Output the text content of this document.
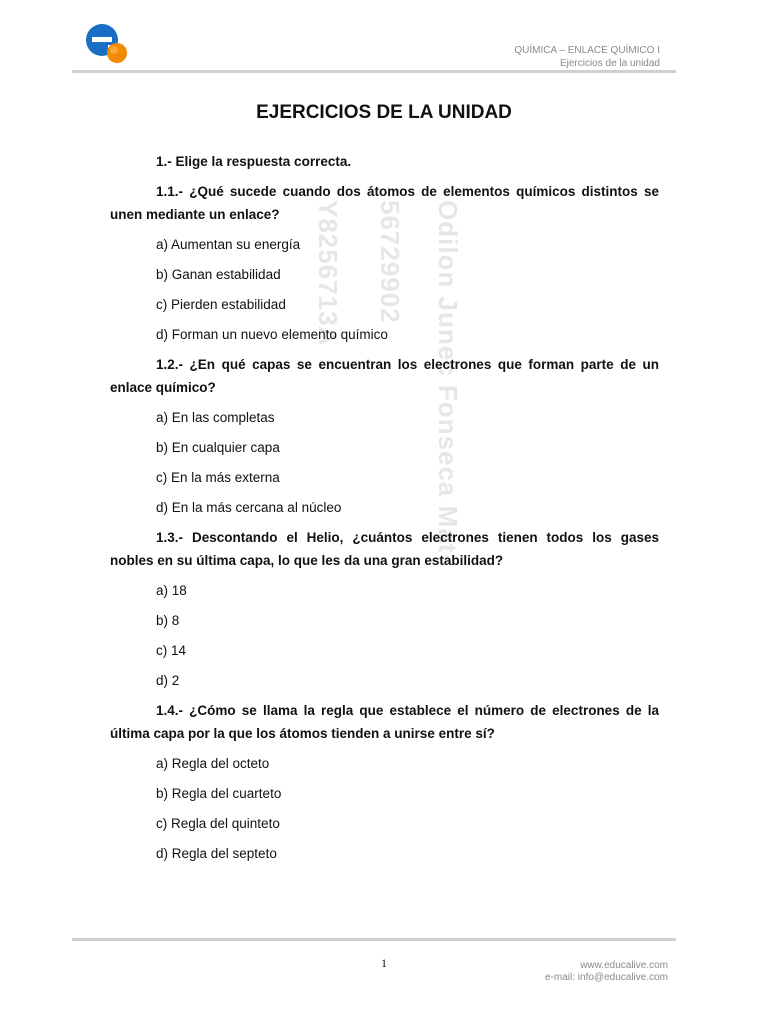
QUÍMICA – ENLACE QUÍMICO I
Ejercicios de la unidad
Y8256713A 56729902 Odilon Junec Fonseca Mat
EJERCICIOS DE LA UNIDAD

1.- Elige la respuesta correcta.

1.1.- ¿Qué sucede cuando dos átomos de elementos químicos distintos se unen mediante un enlace?

a) Aumentan su energía
b) Ganan estabilidad
c) Pierden estabilidad
d) Forman un nuevo elemento químico

1.2.- ¿En qué capas se encuentran los electrones que forman parte de un enlace químico?

a) En las completas
b) En cualquier capa
c) En la más externa
d) En la más cercana al núcleo

1.3.- Descontando el Helio, ¿cuántos electrones tienen todos los gases nobles en su última capa, lo que les da una gran estabilidad?

a) 18
b) 8
c) 14
d) 2

1.4.- ¿Cómo se llama la regla que establece el número de electrones de la última capa por la que los átomos tienden a unirse entre sí?

a) Regla del octeto
b) Regla del cuarteto
c) Regla del quinteto
d) Regla del septeto
1	www.educalive.com
e-mail: info@educalive.com
